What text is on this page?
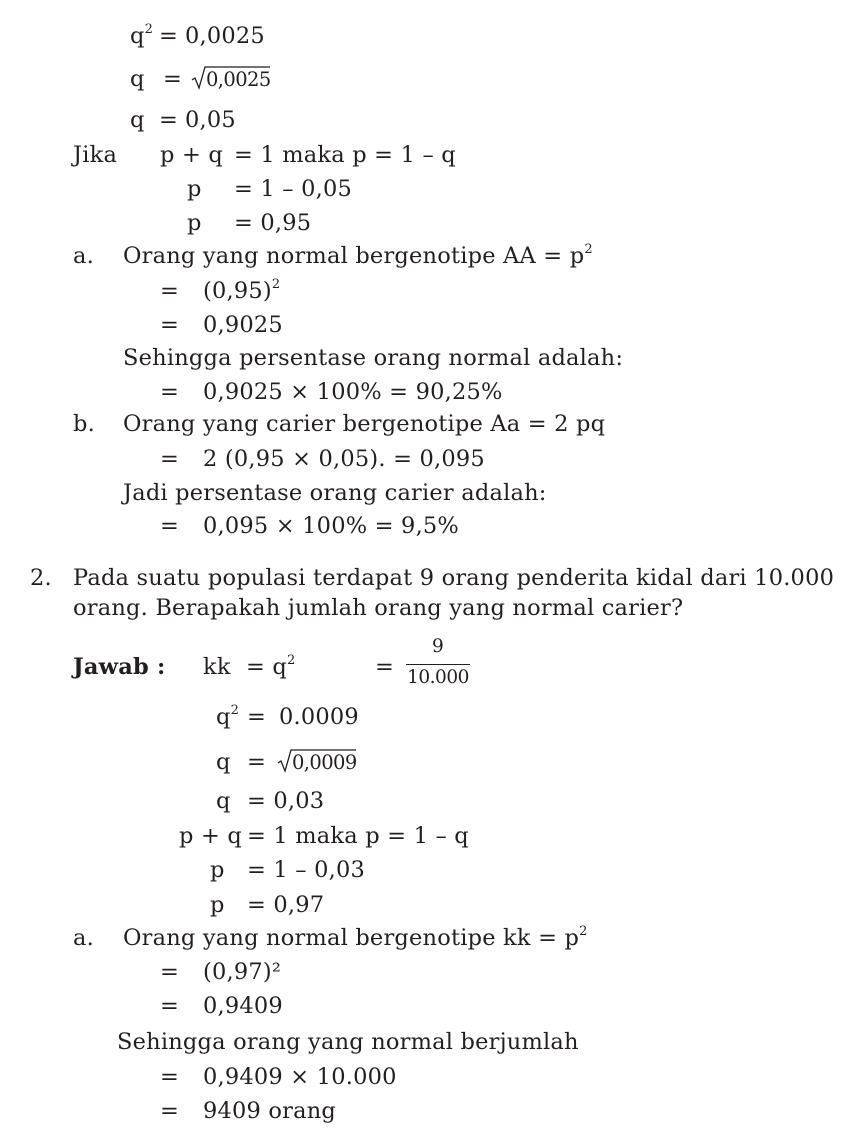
$q^2 = 0,0025$
q = 0,0025
q = 0,05
Jika p + q = 1 maka p = 1 – q
p = 1 – 0,05
p = 0,95
a. Orang yang normal bergenotipe AA = $p^2$
= $(0,95)^2$
= 0,9025
Sehingga persentase orang normal adalah:
= 0,9025 × 100% = 90,25%
b. Orang yang carier bergenotipe Aa = 2 pq
= 2 (0,95 × 0,05). = 0,095
Jadi persentase orang carier adalah:
= 0,095 × 100% = 9,5%
2. Pada suatu populasi terdapat 9 orang penderita kidal dari 10.000
orang. Berapakah jumlah orang yang normal carier?
Jawab : kk = $q^2$	=
9
10.000
$q^2 = 0.0009$
q = 0,0009
q = 0,03
p + q = 1 maka p = 1 – q
p = 1 – 0,03
p = 0,97
a. Orang yang normal bergenotipe kk = $p^2$
= (0,97)²
= 0,9409
Sehingga orang yang normal berjumlah
= 0,9409 × 10.000
= 9409 orang
